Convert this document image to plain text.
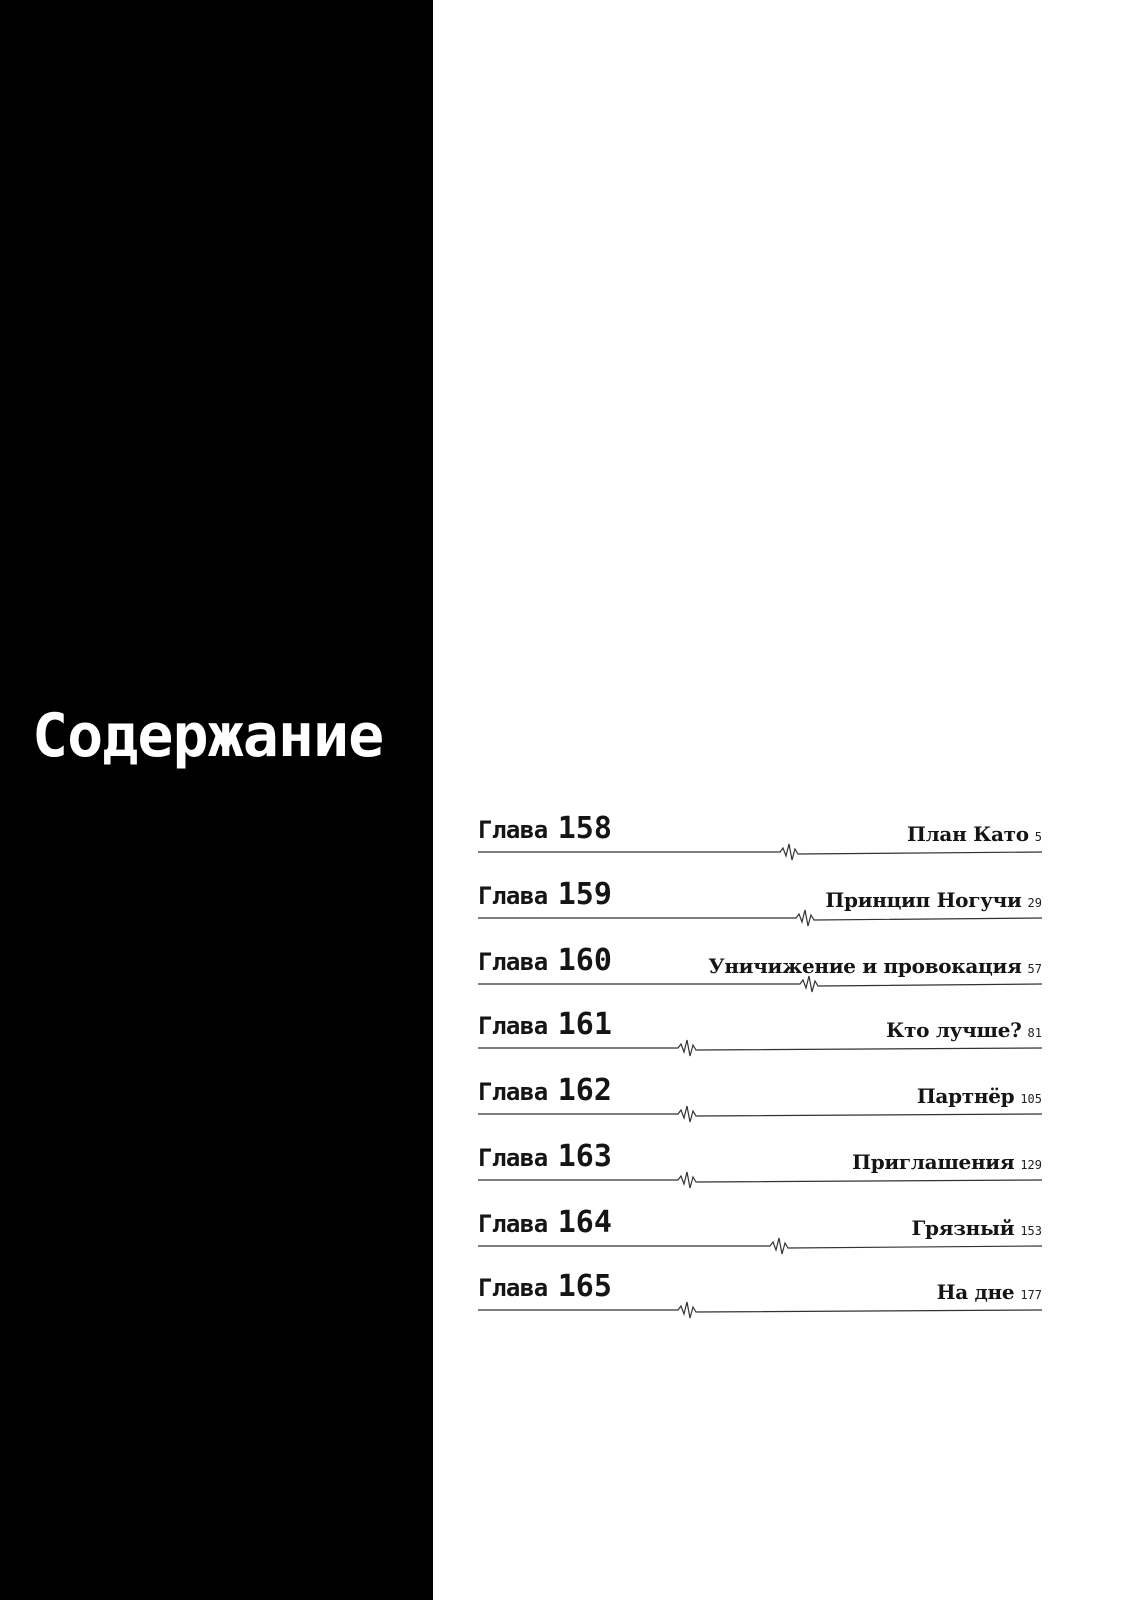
Содержание
Глава 158	План Като 5
Глава 159	Принцип Ногучи 29
Глава 160	Уничижение и провокация 57
Глава 161	Кто лучше? 81
Глава 162	Партнёр 105
Глава 163	Приглашения 129
Глава 164	Грязный 153
Глава 165	На дне 177
